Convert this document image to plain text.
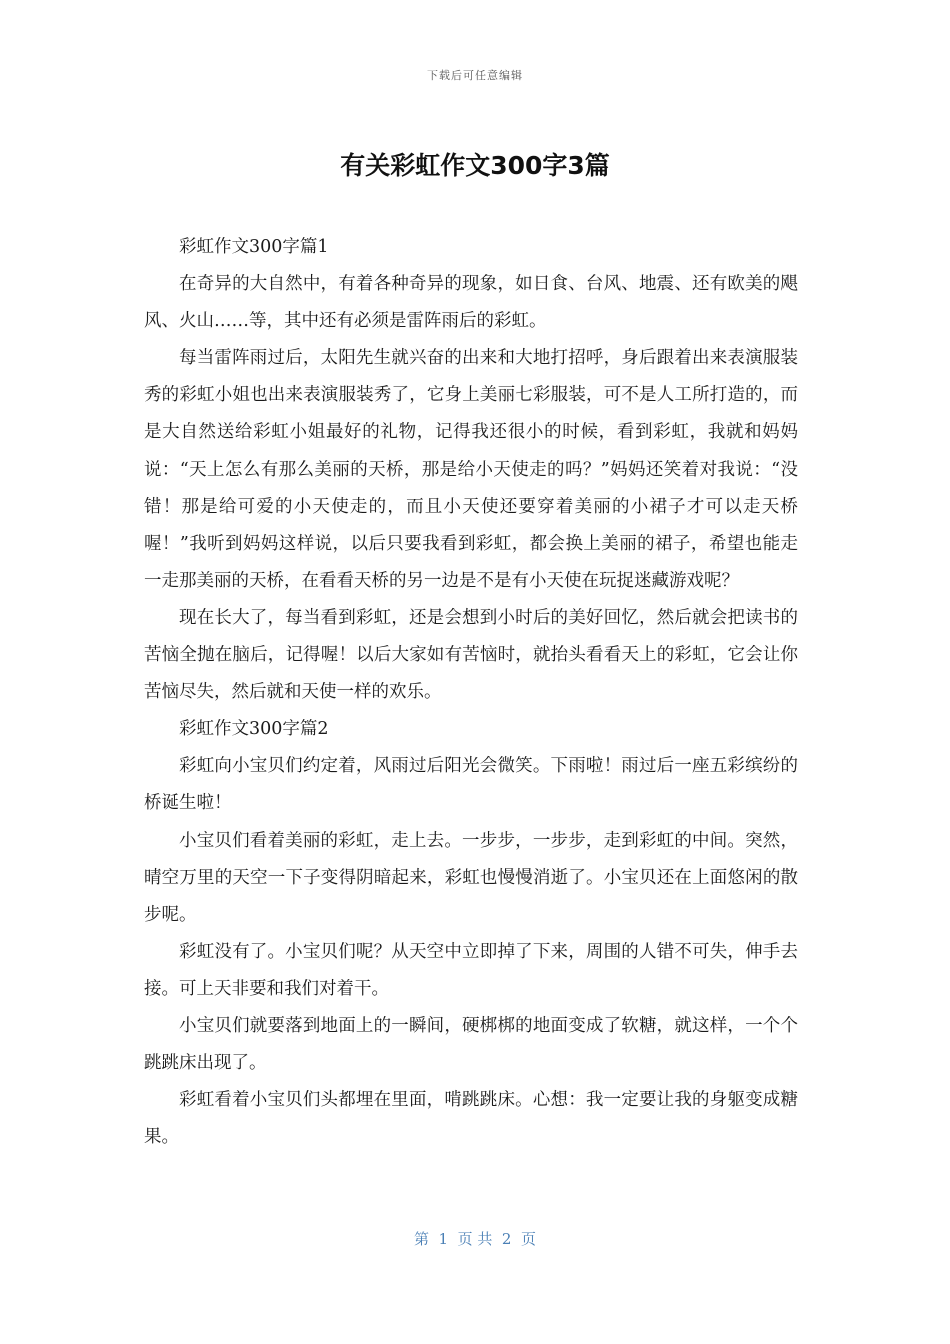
下载后可任意编辑
有关彩虹作文300字3篇

彩虹作文300字篇1

在奇异的大自然中，有着各种奇异的现象，如日食、台风、地震、还有欧美的飓风、火山……等，其中还有必须是雷阵雨后的彩虹。

每当雷阵雨过后，太阳先生就兴奋的出来和大地打招呼，身后跟着出来表演服装秀的彩虹小姐也出来表演服装秀了，它身上美丽七彩服装，可不是人工所打造的，而是大自然送给彩虹小姐最好的礼物，记得我还很小的时候，看到彩虹，我就和妈妈说：“天上怎么有那么美丽的天桥，那是给小天使走的吗？”妈妈还笑着对我说：“没错！那是给可爱的小天使走的，而且小天使还要穿着美丽的小裙子才可以走天桥喔！”我听到妈妈这样说，以后只要我看到彩虹，都会换上美丽的裙子，希望也能走一走那美丽的天桥，在看看天桥的另一边是不是有小天使在玩捉迷藏游戏呢？

现在长大了，每当看到彩虹，还是会想到小时后的美好回忆，然后就会把读书的苦恼全抛在脑后，记得喔！以后大家如有苦恼时，就抬头看看天上的彩虹，它会让你苦恼尽失，然后就和天使一样的欢乐。

彩虹作文300字篇2

彩虹向小宝贝们约定着，风雨过后阳光会微笑。下雨啦！雨过后一座五彩缤纷的桥诞生啦！

小宝贝们看着美丽的彩虹，走上去。一步步，一步步，走到彩虹的中间。突然，晴空万里的天空一下子变得阴暗起来，彩虹也慢慢消逝了。小宝贝还在上面悠闲的散步呢。

彩虹没有了。小宝贝们呢？从天空中立即掉了下来，周围的人错不可失，伸手去接。可上天非要和我们对着干。

小宝贝们就要落到地面上的一瞬间，硬梆梆的地面变成了软糖，就这样，一个个跳跳床出现了。

彩虹看着小宝贝们头都埋在里面，啃跳跳床。心想：我一定要让我的身躯变成糖果。

第  1  页 共  2  页
